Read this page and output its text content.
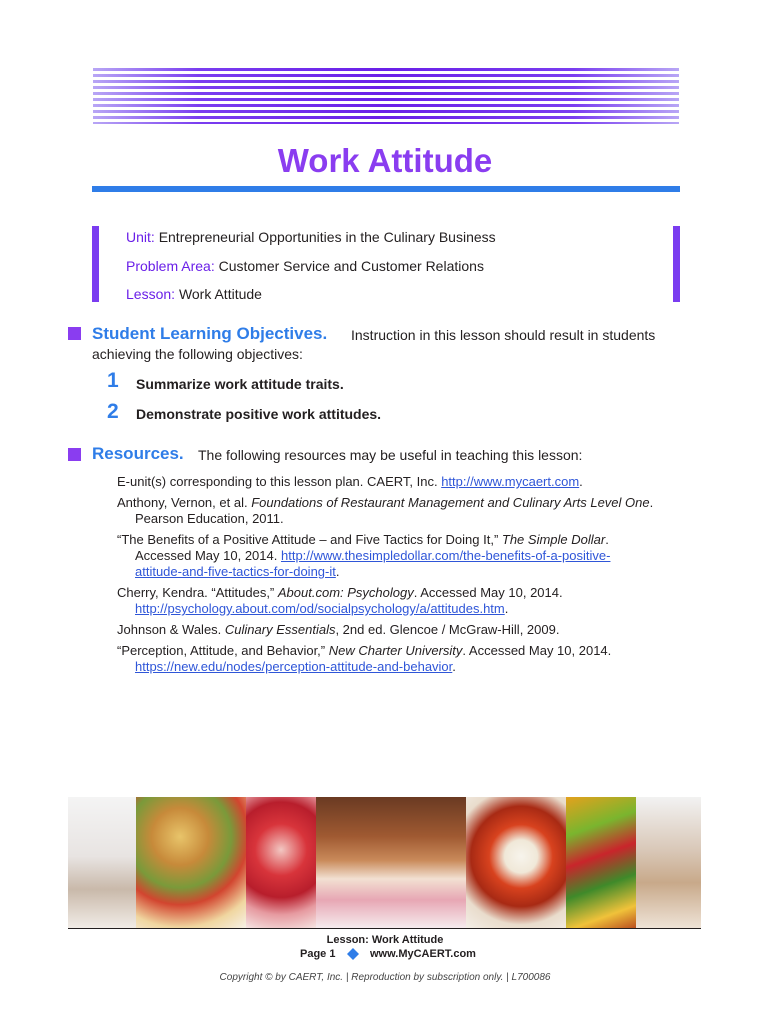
Work Attitude
Unit: Entrepreneurial Opportunities in the Culinary Business
Problem Area: Customer Service and Customer Relations
Lesson: Work Attitude
Student Learning Objectives. Instruction in this lesson should result in students
achieving the following objectives:
1 Summarize work attitude traits.
2 Demonstrate positive work attitudes.
Resources. The following resources may be useful in teaching this lesson:
E-unit(s) corresponding to this lesson plan. CAERT, Inc. http://www.mycaert.com.
Anthony, Vernon, et al. Foundations of Restaurant Management and Culinary Arts Level One. Pearson Education, 2011.
“The Benefits of a Positive Attitude – and Five Tactics for Doing It,” The Simple Dollar. Accessed May 10, 2014. http://www.thesimpledollar.com/the-benefits-of-a-positive-attitude-and-five-tactics-for-doing-it.
Cherry, Kendra. “Attitudes,” About.com: Psychology. Accessed May 10, 2014. http://psychology.about.com/od/socialpsychology/a/attitudes.htm.
Johnson & Wales. Culinary Essentials, 2nd ed. Glencoe / McGraw-Hill, 2009.
“Perception, Attitude, and Behavior,” New Charter University. Accessed May 10, 2014. https://new.edu/nodes/perception-attitude-and-behavior.
Lesson: Work Attitude
Page 1	www.MyCAERT.com
Copyright © by CAERT, Inc. | Reproduction by subscription only. | L700086
